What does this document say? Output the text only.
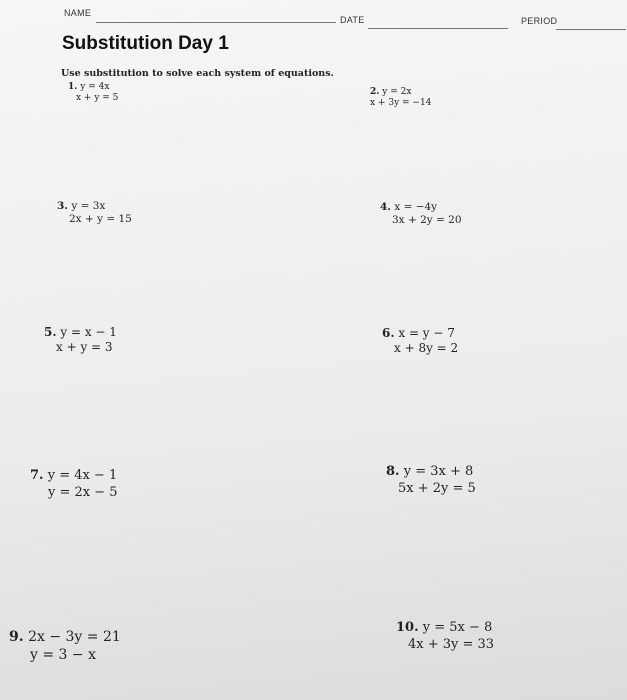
NAME
DATE	PERIOD
Substitution Day 1
Use substitution to solve each system of equations.
1. y = 4x
x + y = 5
2. y = 2x
x + 3y = −14
3. y = 3x
2x + y = 15
4. x = −4y
3x + 2y = 20
5. y = x − 1
x + y = 3
6. x = y − 7
x + 8y = 2
7. y = 4x − 1
y = 2x − 5
8. y = 3x + 8
5x + 2y = 5
9. 2x − 3y = 21
y = 3 − x
10. y = 5x − 8
4x + 3y = 33
